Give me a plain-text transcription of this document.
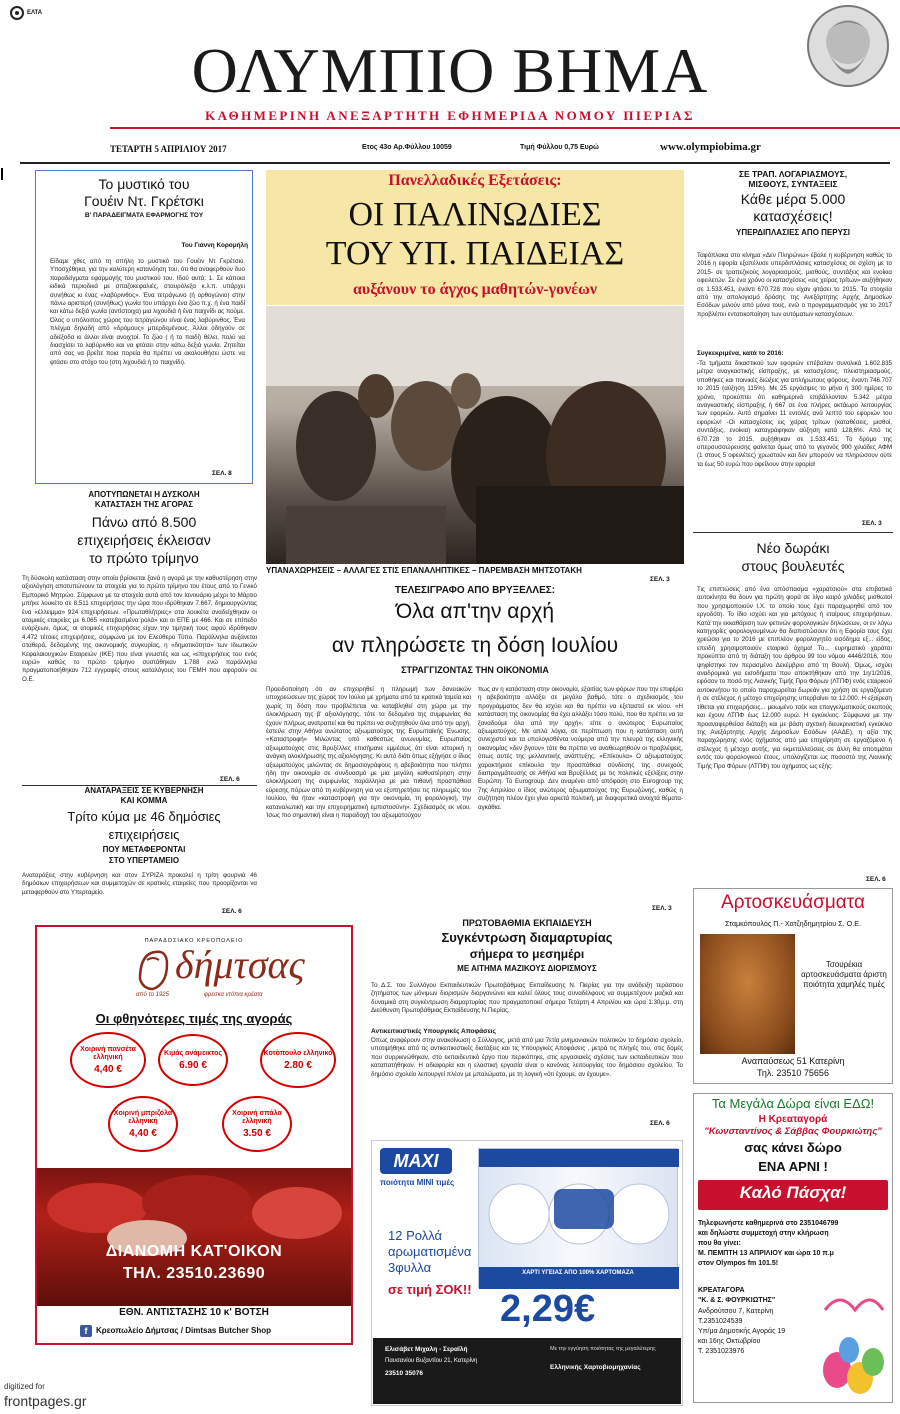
ΕΛΤΑ
ΟΛΥΜΠΙΟ ΒΗΜΑ
ΚΑΘΗΜΕΡΙΝΗ ΑΝΕΞΑΡΤΗΤΗ ΕΦΗΜΕΡΙΔΑ ΝΟΜΟΥ ΠΙΕΡΙΑΣ
ΤΕΤΑΡΤΗ 5 ΑΠΡΙΛΙΟΥ 2017	Ετος 43ο Αρ.Φύλλου 10059	Τιμή Φύλλου 0,75 Ευρώ	www.olympiobima.gr
Το μυστικό του
Γουέιν Ντ. Γκρέτσκι
Β' ΠΑΡΑΔΕΙΓΜΑΤΑ ΕΦΑΡΜΟΓΗΣ ΤΟΥ
Του Γιάννη Κορομήλη
Είδαμε χθες από τη σπήλη το μυστικό του Γουέιν Ντ Γκρέτσκι. Υποσχέθηκα, για την καλύτερη κατανόηση του, ότι θα αναφερθούν δυο παραδείγματα εφαρμογής του μυστικού του. Ιδού αυτά: 1. Σε κάποια ειδικά περιοδικά με σπαζοκεφαλιές, σταυρόλεξα κ.λ.π. υπάρχει συνήθως κι ένας «λαβύρινθος». Ένα τετράγωνο (ή ορθογώνιο) στην πάνω αριστερή (συνήθως) γωνία του υπάρχει ένα ζώο π.χ. ή ένα παιδί και κάτω δεξιά γωνία (αντίστοιχα) μια λιχουδιά ή ένα παιχνίδι ας πούμε. Όλος ο υπόλοιπος χώρος του τετραγώνου είναι ένας λαβύρινθος. Ένα πλέγμα δηλαδή από «δρόμους» μπερδεμένους. Άλλοι οδηγούν σε αδιέξοδα κι άλλοι είναι ανοιχτοί. Το ζώο ( ή το παιδί) θέλει, πολύ να διασχίσει το λαβύρινθο και να φτάσει στην κάτω δεξιά γωνία. Ζητείται από σας να βρείτε ποια πορεία θα πρέπει να ακολουθήσει ώστε να φτάσει στο στόχο του (στη λιχουδιά ή το παιχνίδι).
ΣΕΛ. 8
Πανελλαδικές Εξετάσεις:
ΟΙ ΠΑΛΙΝΩΔΙΕΣ
ΤΟΥ ΥΠ. ΠΑΙΔΕΙΑΣ
αυξάνουν το άγχος μαθητών-γονέων
ΥΠΑΝΑΧΩΡΗΣΕΙΣ – ΑΛΛΑΓΕΣ ΣΤΙΣ ΕΠΑΝΑΛΗΠΤΙΚΕΣ – ΠΑΡΕΜΒΑΣΗ ΜΗΤΣΟΤΑΚΗ
ΣΕΛ. 3
ΣΕ ΤΡΑΠ. ΛΟΓΑΡΙΑΣΜΟΥΣ,
ΜΙΣΘΟΥΣ, ΣΥΝΤΑΞΕΙΣ
Κάθε μέρα 5.000
κατασχέσεις!
ΥΠΕΡΔΙΠΛΑΣΙΕΣ ΑΠΟ ΠΕΡΥΣΙ
Ταφόπλακα στο κίνημα «Δεν Πληρώνω» έβαλε η κυβέρνηση καθώς το 2016 η εφορία εξαπέλυσε υπερδιπλάσιες κατασχέσεις σε σχέση με το 2015- σε τραπεζικούς λογαριασμούς, μισθούς, συντάξεις και ενοίκια οφειλετών. Σε ένα χρόνο οι κατασχέσεις «εις χείρας τρίτων» αυξήθηκαν σε 1.533.451, έναντι 670.728 που είχαν φτάσει το 2015. Τα στοιχεία από την απολογισμό δράσης της Ανεξάρτητης Αρχής Δημοσίων Εσόδων μιλούν από μόνα τους, ενώ ο προγραμματισμός για το 2017 προβλέπει εντατικοποίηση των αυτόματων κατασχέσεων.
Συγκεκριμένα, κατά το 2016:
-Τα τμήματα δικαστικού των εφοριών επέβαλαν συνολικά 1.602.835 μέτρα αναγκαστικής είσπραξης, με κατασχέσεις, πλειστηριασμούς, υποθήκες και ποινικές διώξεις για απλήρωτους φόρους, έναντι 746.707 το 2015 (αύξηση 115%). Με 25 εργάσιμες το μήνα ή 300 ημέρες το χρόνο, προκύπτει ότι καθημερινά επιβάλλονταν 5.342 μέτρα αναγκαστικής είσπραξης ή 667 σε ένα πλήρες οκτάωρο λειτουργίας των εφοριών. Αυτό σημαίνει 11 εντολές ανά λεπτό του εφοριών του εφοριών! -Οι κατασχέσεις εις χείρας τρίτων (καταθέσεις, μισθοί, συντάξεις, ενοίκια) καταγράφηκαν αύξηση κατά 128,6%. Από τις 670.728 το 2015, αυξήθηκαν σε 1.533.451. Το δρόμο της υπερσυσσώρευσης φαίνεται όμως από το γεγονός 900 χιλιάδες ΑΦΜ (1 στους 5 οφειλέτες) χρωστούν και δεν μπορούν να πληρώσουν ούτε τα έως 50 ευρώ που οφείλουν στην εφορία!
ΣΕΛ. 3
ΑΠΟΤΥΠΩΝΕΤΑΙ Η ΔΥΣΚΟΛΗ
ΚΑΤΑΣΤΑΣΗ ΤΗΣ ΑΓΟΡΑΣ
Πάνω από 8.500
επιχειρήσεις έκλεισαν
το πρώτο τρίμηνο
Τη δύσκολη κατάσταση στην οποία βρίσκεται ξανά η αγορά με την καθυστέρηση στην αξιολόγηση αποτυπώνουν τα στοιχεία για το πρώτο τρίμηνο του έτους από το Γενικό Εμπορικό Μητρώο. Σύμφωνα με τα στοιχεία αυτά από τον Ιανουάριο μέχρι το Μάρτιο μπήκε λουκέτο σε 8.511 επιχειρήσεις την ώρα που ιδρύθηκαν 7.667, δημιουργώντας ένα «έλλειμμα» 924 επιχειρήσεων. «Πρωταθλήτριες» στα λουκέτα αναδείχθηκαν οι ατομικές εταιρείες με 6.065 «κατεβασμένα ρολά» και οι ΕΠΕ με 466. Και σε επίπεδο ενάρξεων, όμως, οι ατομικές επιχειρήσεις είχαν την τιμητική τους αφού ιδρύθηκαν 4.472 τέτοιες επιχειρήσεις, σύμφωνα με τον Ελεύθερο Τύπο. Παράλληλα αυξάνεται σταθερά, δεδομένης της οικονομικής συγκυρίας, η «δημοτικότητα» των Ιδιωτικών Κεφαλαιουχικών Εταιρειών (ΙΚΕ) που είναι γνωστές και ως «επιχειρήσεις του ενός ευρώ» καθώς το πρώτο τρίμηνο συστάθηκαν 1.788 ενώ παράλληλα πραγματοποιήθηκαν 712 εγγραφές στους καταλόγους του ΓΕΜΗ που αφορούν σε Ο.Ε.
ΣΕΛ. 6
ΤΕΛΕΣΙΓΡΑΦΟ ΑΠΟ ΒΡΥΞΕΛΛΕΣ:
Όλα απ'την αρχή
αν πληρώσετε τη δόση Ιουλίου
ΣΤΡΑΓΓΙΖΟΝΤΑΣ ΤΗΝ ΟΙΚΟΝΟΜΙΑ
Προειδοποίηση ότι αν επιχειρηθεί η πληρωμή των δανειακών υποχρεώσεων της χώρας τον Ιούλιο με χρήματα από τα κρατικά ταμεία και χωρίς τη δόση που προβλέπεται να καταβληθεί στη χώρα με την ολοκλήρωση της β' αξιολόγησης, τότε τα δεδομένα της συμφωνίας θα έχουν πλήρως ανατραπεί και θα πρέπει να συζητηθούν όλα από την αρχή, έστειλε στην Αθήνα ανώτατος αξιωματούχος της Ευρωπαϊκής Ένωσης. «Καταστροφή» Μιλώντας υπό καθεστώς ανωνυμίας, Ευρωπαίος αξιωματούχος στις Βρυξέλλες επισήμανε εμμέσως ότι είναι ιστορική η ανάγκη ολοκλήρωσης της αξιολόγησης. Κι αυτό διότι όπως εξήγησε ο ίδιος αξιωματούχος μιλώντας σε δημοσιογράφους η αβεβαιότητα που πλήττει ήδη την οικονομία σε συνδυασμό με μια μεγάλη καθυστέρηση στην ολοκλήρωση της συμφωνίας παράλληλα με μια πιθανή προσπάθεια εύρεσης πόρων από τη κυβέρνηση για να εξυπηρετήσει τις πληρωμές του Ιουλίου, θα ήταν «καταστροφή για την οικονομία, τη φορολογική, την καταναλωτική και την επιχειρηματική εμπιστοσύνη». Σχεδιασμός εκ νέου. Ίσως πιο σημαντική είναι η παραδοχή του αξιωματούχου
πως αν η κατάσταση στην οικονομία, εξαιτίας των φόρων που την επιφέρει η αβεβαιότητα αλλάξει σε μεγάλο βαθμό, τότε ο σχεδιασμός του προγράμματος δεν θα ισχύει και θα πρέπει να εξεταστεί εκ νέου. «Η κατάσταση της οικονομίας θα έχει αλλάξει τόσο πολύ, που θα πρέπει να τα ξαναδούμε όλα από την αρχή», είπε ο ανώτερος Ευρωπαίος αξιωματούχος. Με απλά λόγια, σε περίπτωση που η κατάσταση αυτή συνεχιστεί και τα υπολογισθέντα νούμερα από την πλευρά της ελληνικής οικονομίας «δεν βγουν» τότε θα πρέπει να αναθεωρηθούν οι προβλέψεις, όπως αυτές της μελλοντικής ανάπτυξης. «Επίκουλα» Ο αξιωματούχος χαρακτήρισε επίκουλα την προσπάθεια σύνδεσης της συνεχούς διαπραγμάτευσης σε Αθήνα και Βρυξέλλες με τις πολιτικές εξελίξεις στην Ευρώπη. Το Eurogroup. Δεν αναμένει από απόφαση στο Eurogroup της 7ης Απριλίου ο ίδιος ανώτερος αξιωματούχος της Ευρωζώνης, καθώς η συζήτηση πλέον έχει γίνει αρκετά πολιτική, με διαφορετικά ανοιχτά θέματα-αγκάθια.
ΣΕΛ. 3
Νέο δωράκι
στους βουλευτές
Τις επιπτώσεις από ένα απόσπασμα «χαρατσιού» στα επιβατικά αυτοκίνητα θα δουν για πρώτη φορά σε λίγο καιρό χιλιάδες μισθωτοί που χρησιμοποιούν Ι.Χ. το οποίο τους έχει παραχωρηθεί από τον εργοδότη. Το ίδιο ισχύει και για μετόχους ή εταίρους επιχειρήσεων. Κατά την εκκαθάριση των φετινών φορολογικών δηλώσεων, οι εν λόγω κατηγορίες φορολογουμένων θα διαπιστώσουν ότι η Εφορία τους έχει χρεώσει για το 2016 με επιπλέον φορολογητέο εισόδημα εξ... είδος, επειδή χρησιμοποιούν εταιρικό όχημα! Το... ευρηματικό χαράτσι προκύπτει από τη διάταξη του άρθρου 99 του νόμου 4446/2016, που ψηφίστηκε τον περασμένο Δεκέμβριο από τη Βουλή. Όμως, ισχύει αναδρομικά για εισοδήματα που αποκτήθηκαν από την 1η/1/2016, εφόσον το ποσό της Λιανικής Τιμής Προ Φόρων (ΛΤΠΦ) ενός εταιρικού αυτοκινήτου το οποίο παραχωρείται δωρεάν για χρήση σε εργαζόμενο ή σε στέλεχος ή μέτοχο επιχείρησης υπερβαίνει τα 12.000. Η εξαίρεση τίθεται για επιχειρήσεις... μειωμένο τσέκ και επαγγελματικούς σκοπούς και έχουν ΛΤΠΦ έως 12.000 ευρώ. Η εγκύκλιος. Σύμφωνα με την προαναφερθείσα διάταξη και με βάση σχετική διευκρινιστική εγκύκλιο της Ανεξάρτητης Αρχής Δημοσίων Εσόδων (ΑΑΔΕ), η αξία της παραχώρησης ενός οχήματος από μια επιχείρηση σε εργαζόμενο ή στέλεχος ή μέτοχο αυτής, για εκμεταλλεύσεις σε άλλη θα αποτιμάται εντός του φορολογικού έτους, υπολογίζεται ως ποσοστό της Λιανικής Τιμής Προ Φόρων (ΛΤΠΦ) του οχήματος ως εξής:
ΣΕΛ. 6
ΑΝΑΤΑΡΑΞΕΙΣ ΣΕ ΚΥΒΕΡΝΗΣΗ
ΚΑΙ ΚΟΜΜΑ
Τρίτο κύμα με 46 δημόσιες
επιχειρήσεις
ΠΟΥ ΜΕΤΑΦΕΡΟΝΤΑΙ
ΣΤΟ ΥΠΕΡΤΑΜΕΙΟ
Αναταράξεις στην κυβέρνηση και στον ΣΥΡΙΖΑ προκαλεί η τρίτη φουρνιά 46 δημόσιων επιχειρήσεων και συμμετοχών σε κρατικές εταιρείες που προορίζονται να μεταφερθούν στο Υπερταμείο.
ΣΕΛ. 6
ΠΑΡΑΔΟΣΙΑΚΟ ΚΡΕΟΠΩΛΕΙΟ
δήμτσας
από το 1925	φρεσκα ντόπια κρέατα
Οι φθηνότερες τιμές της αγοράς
Χοιρινή πανσέτα ελληνική
4,40 €
Κιμάς ανάμεικτος
6.90 €
Κοτόπουλο ελληνικό
2.80 €
Χοιρινή μπριζόλα ελληνική
4,40 €
Χοιρινή σπάλα ελληνική
3.50 €
ΔΙΑΝΟΜΗ ΚΑΤ'ΟΙΚΟΝ
ΤΗΛ. 23510.23690
ΕΘΝ. ΑΝΤΙΣΤΑΣΗΣ 10 κ' ΒΟΤΣΗ
f	Κρεοπωλείο Δήμτσας / Dimtsas Butcher Shop
ΠΡΩΤΟΒΑΘΜΙΑ ΕΚΠΑΙΔΕΥΣΗ
Συγκέντρωση διαμαρτυρίας
σήμερα το μεσημέρι
ΜΕ ΑΙΤΗΜΑ ΜΑΖΙΚΟΥΣ ΔΙΟΡΙΣΜΟΥΣ
Το Δ.Σ. του Συλλόγου Εκπαιδευτικών Πρωτοβάθμιας Εκπαίδευσης Ν. Πιερίας για την ανάδειξη τεράστιου ζητήματος των μόνιμων διορισμών διοργανώνει και καλεί όλους τους συναδέλφους να συμμετέχουν μαζικά και δυναμικά στη συγκέντρωση διαμαρτυρίας που πραγματοποιεί σήμερα Τετάρτη 4 Απριλίου και ώρα 1:30μ.μ. στη Διεύθυνση Πρωτοβάθμιας Εκπαίδευσης Ν.Πιερίας.
Αντικειτικιστικές Υπουργικές Αποφάσεις
Όπως αναφέρουν στην ανακοίνωση ο Σύλλογος, μετά από μια 7ετία μνημονιακών πολιτικών το δημόσιο σχολείο, υποτιμήθηκε από τις αντικειτικιστικές διατάξεις και τις Υπουργικές Αποφάσεις , μετρά τις πληγές του, στις δομές που συρρικνώθηκαν, στο εκπαιδευτικό έργο που περικόπηκε, στις εργασιακές σχέσεις των εκπαιδευτικών που καταπατήθηκαν. Η αδιαφορία και η ελαστική εργασία είναι ο κανόνας λειτουργίας του δημόσιου σχολείου. Το δημόσιο σχολείο λειτουργεί πλέον με μπαλώματα, με τη λογική «ότι έχουμε, αν έχουμε».
ΣΕΛ. 6
MAXI
ποιότητα MINI τιμές
ΧΑΡΤΙ ΥΓΕΙΑΣ ΑΠΟ 100% ΧΑΡΤΟΜΑΖΑ
12 Ρολλά
αρωματισμένα
3φυλλα
σε τιμή ΣΟΚ!! 2,29€
Ελισάβετ Μιχαλη - Σεραϊλή
Παυσανίου Βυζαντίου 21, Κατερίνη
23510 35076
Με την εγγύηση ποιότητας της μεγαλύτερης
Ελληνικής Χαρτοβιομηχανίας
Αρτοσκευάσματα
Σταμκόπουλος Π.- Χατζηδημητρίου Σ. Ο.Ε.
Τσουρέκια αρτοσκευάσματα άριστη ποιότητα χαμηλές τιμές
Αναπαύσεως 51 Κατερίνη
Τηλ. 23510 75656
Τα Μεγάλα Δώρα είναι ΕΔΩ!
Η Κρεαταγορά
"Κωνσταντίνος & Σάββας Φουρκιώτης"
σας κάνει δώρο
ΕΝΑ ΑΡΝΙ !
Καλό Πάσχα!
Τηλεφωνήστε καθημερινά στο 2351046799
και δηλώστε συμμετοχή στην κλήρωση
που θα γίνει:
Μ. ΠΕΜΠΤΗ 13 ΑΠΡΙΛΙΟΥ και ώρα 10 π.μ
στον Olympos fm 101.5!
ΚΡΕΑΤΑΓΟΡΑ
"Κ. & Σ. ΦΟΥΡΚΙΩΤΗΣ"
Ανδρούτσου 7, Κατερίνη
Τ.2351024539
Υπ/μα Δημοτικής Αγοράς 19
και 16ης Οκτωβρίου
Τ. 2351023976
digitized for
frontpages.gr
